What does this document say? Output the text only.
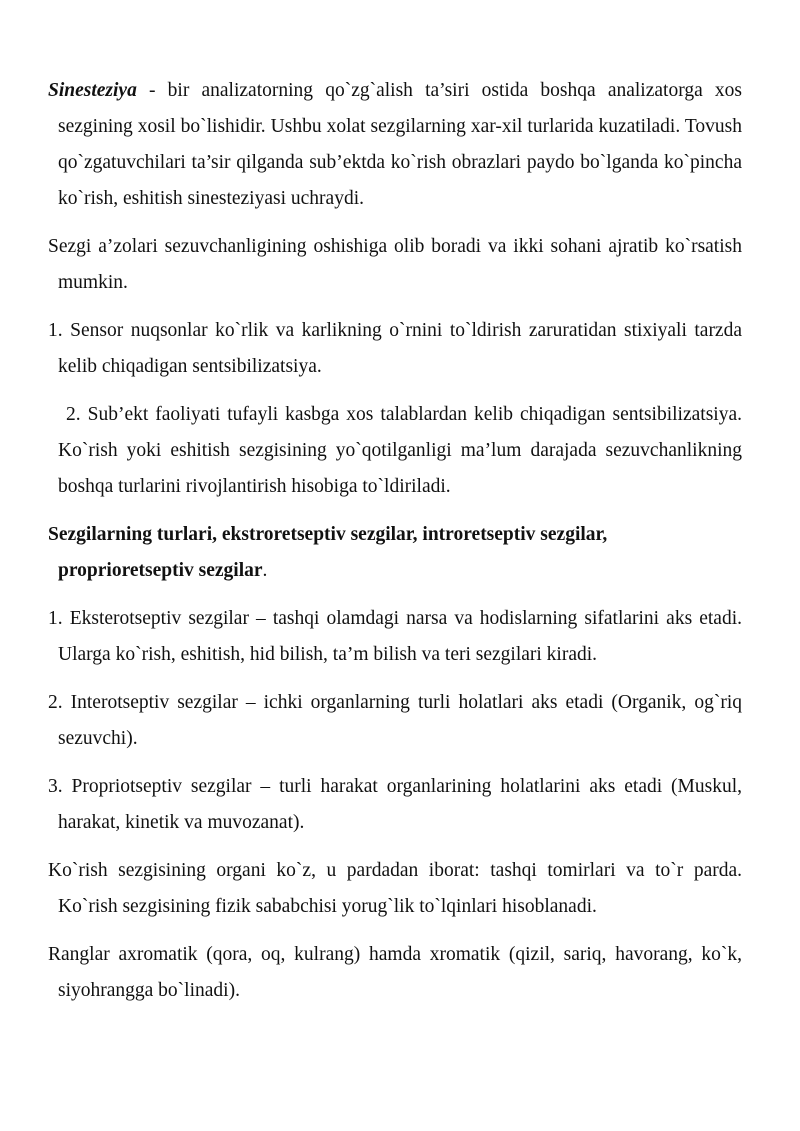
Sinesteziya - bir analizatorning qo`zg`alish ta’siri ostida boshqa analizatorga xos sezgining xosil bo`lishidir. Ushbu xolat sezgilarning xar-xil turlarida kuzatiladi. Tovush qo`zgatuvchilari ta’sir qilganda sub’ektda ko`rish obrazlari paydo bo`lganda ko`pincha ko`rish, eshitish sinesteziyasi uchraydi.

Sezgi a’zolari sezuvchanligining oshishiga olib boradi va ikki sohani ajratib ko`rsatish mumkin.

1. Sensor nuqsonlar ko`rlik va karlikning o`rnini to`ldirish zaruratidan stixiyali tarzda kelib chiqadigan sentsibilizatsiya.

2. Sub’ekt faoliyati tufayli kasbga xos talablardan kelib chiqadigan sentsibilizatsiya. Ko`rish yoki eshitish sezgisining yo`qotilganligi ma’lum darajada sezuvchanlikning boshqa turlarini rivojlantirish hisobiga to`ldiriladi.

Sezgilarning turlari, ekstroretseptiv sezgilar, introretseptiv sezgilar, proprioretseptiv sezgilar.

1. Eksterotseptiv sezgilar – tashqi olamdagi narsa va hodislarning sifatlarini aks etadi. Ularga ko`rish, eshitish, hid bilish, ta’m bilish va teri sezgilari kiradi.

2. Interotseptiv sezgilar – ichki organlarning turli holatlari aks etadi (Organik, og`riq sezuvchi).

3. Propriotseptiv sezgilar – turli harakat organlarining holatlarini aks etadi (Muskul, harakat, kinetik va muvozanat).

Ko`rish sezgisining organi ko`z, u pardadan iborat: tashqi tomirlari va to`r parda. Ko`rish sezgisining fizik sababchisi yorug`lik to`lqinlari hisoblanadi.

Ranglar axromatik (qora, oq, kulrang) hamda xromatik (qizil, sariq, havorang, ko`k, siyohrangga bo`linadi).
